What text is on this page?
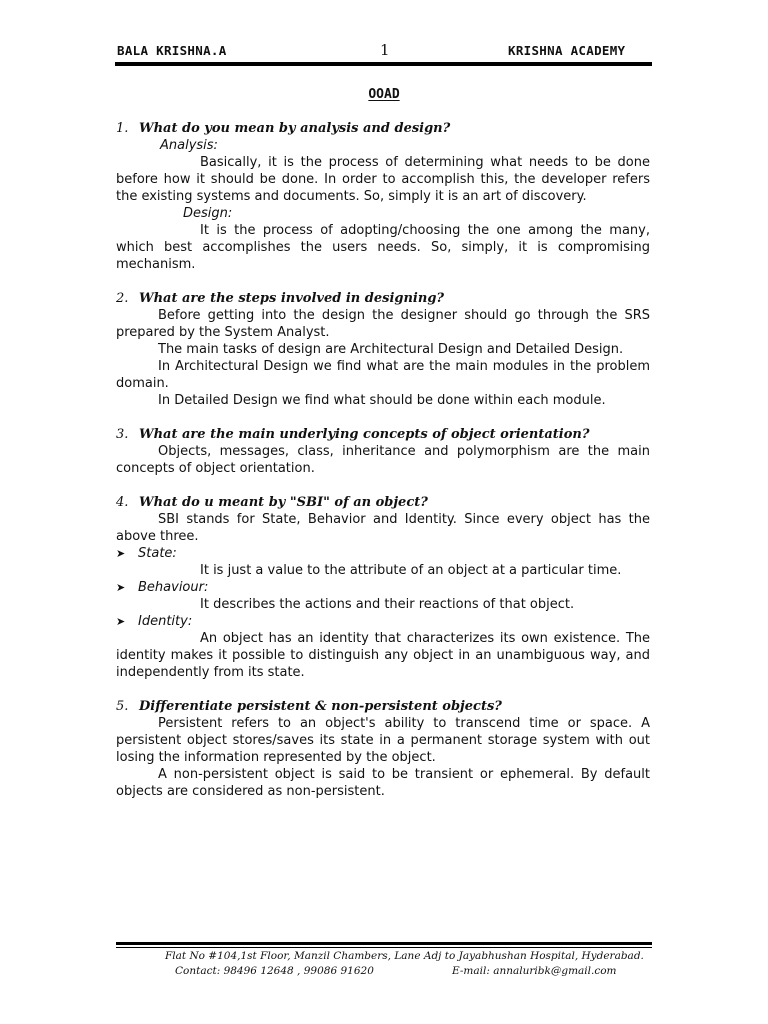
BALA KRISHNA.A	1	KRISHNA ACADEMY
OOAD

1. What do you mean by analysis and design?

Analysis:

Basically, it is the process of determining what needs to be done before how it should be done. In order to accomplish this, the developer refers the existing systems and documents. So, simply it is an art of discovery.

Design:

It is the process of adopting/choosing the one among the many, which best accomplishes the users needs. So, simply, it is compromising mechanism.

2. What are the steps involved in designing?

Before getting into the design the designer should go through the SRS prepared by the System Analyst.

The main tasks of design are Architectural Design and Detailed Design.

In Architectural Design we find what are the main modules in the problem domain.

In Detailed Design we find what should be done within each module.

3. What are the main underlying concepts of object orientation?

Objects, messages, class, inheritance and polymorphism are the main concepts of object orientation.

4. What do u meant by "SBI" of an object?

SBI stands for State, Behavior and Identity. Since every object has the above three.

➤ State:

It is just a value to the attribute of an object at a particular time.

➤ Behaviour:

It describes the actions and their reactions of that object.

➤ Identity:

An object has an identity that characterizes its own existence. The identity makes it possible to distinguish any object in an unambiguous way, and independently from its state.

5. Differentiate persistent & non-persistent objects?

Persistent refers to an object's ability to transcend time or space. A persistent object stores/saves its state in a permanent storage system with out losing the information represented by the object.

A non-persistent object is said to be transient or ephemeral. By default objects are considered as non-persistent.

Flat No #104,1st Floor, Manzil Chambers, Lane Adj to Jayabhushan Hospital, Hyderabad.
Contact: 98496 12648 , 99086 91620	E-mail: annaluribk@gmail.com
